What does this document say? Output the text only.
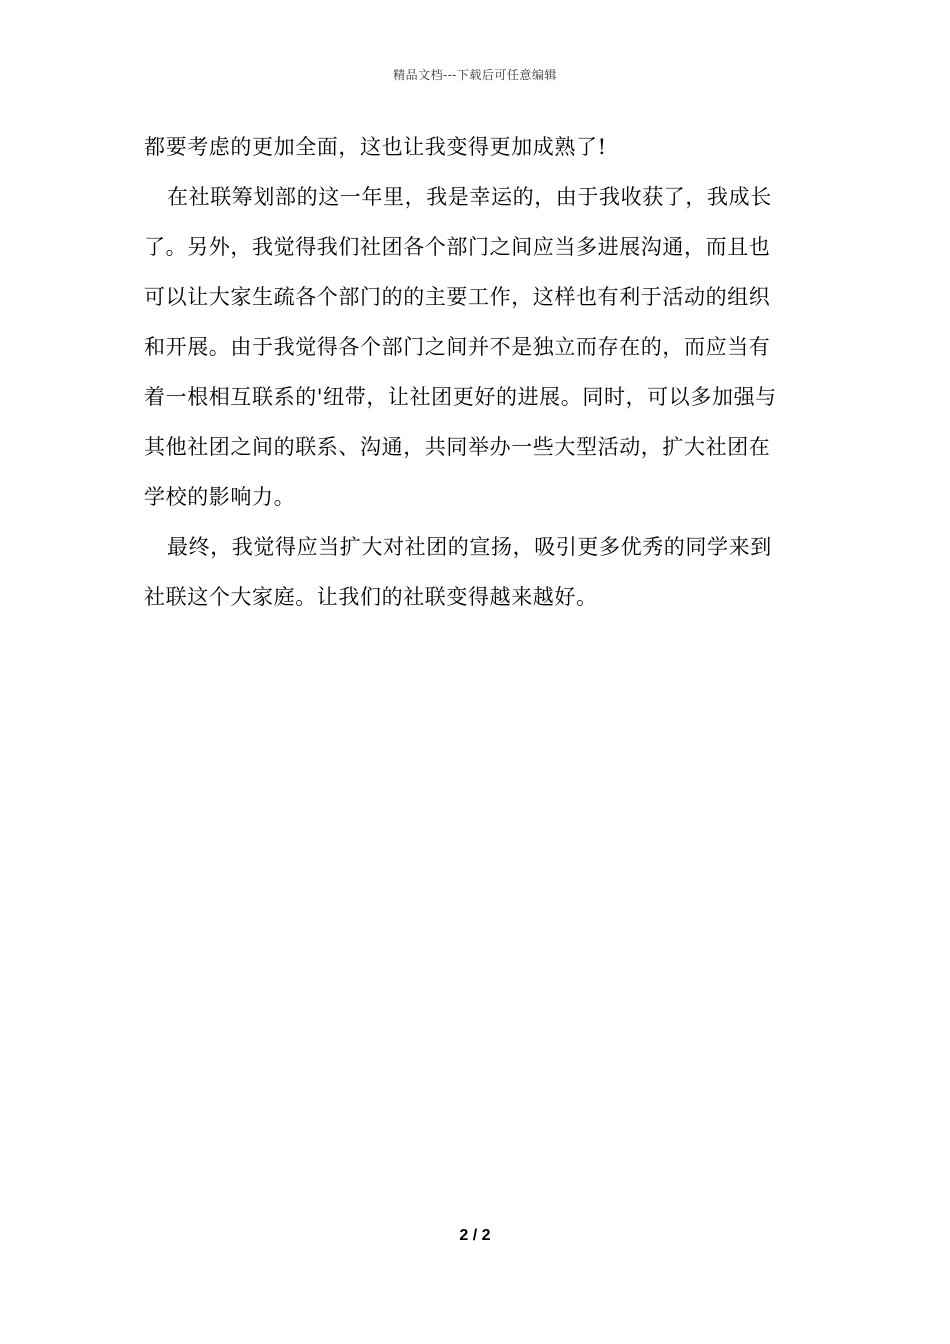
精品文档---下载后可任意编辑
都要考虑的更加全面，这也让我变得更加成熟了!
在社联筹划部的这一年里，我是幸运的，由于我收获了，我成长
了。另外，我觉得我们社团各个部门之间应当多进展沟通，而且也
可以让大家生疏各个部门的的主要工作，这样也有利于活动的组织
和开展。由于我觉得各个部门之间并不是独立而存在的，而应当有
着一根相互联系的'纽带，让社团更好的进展。同时，可以多加强与
其他社团之间的联系、沟通，共同举办一些大型活动，扩大社团在
学校的影响力。
最终，我觉得应当扩大对社团的宣扬，吸引更多优秀的同学来到
社联这个大家庭。让我们的社联变得越来越好。
2 / 2
